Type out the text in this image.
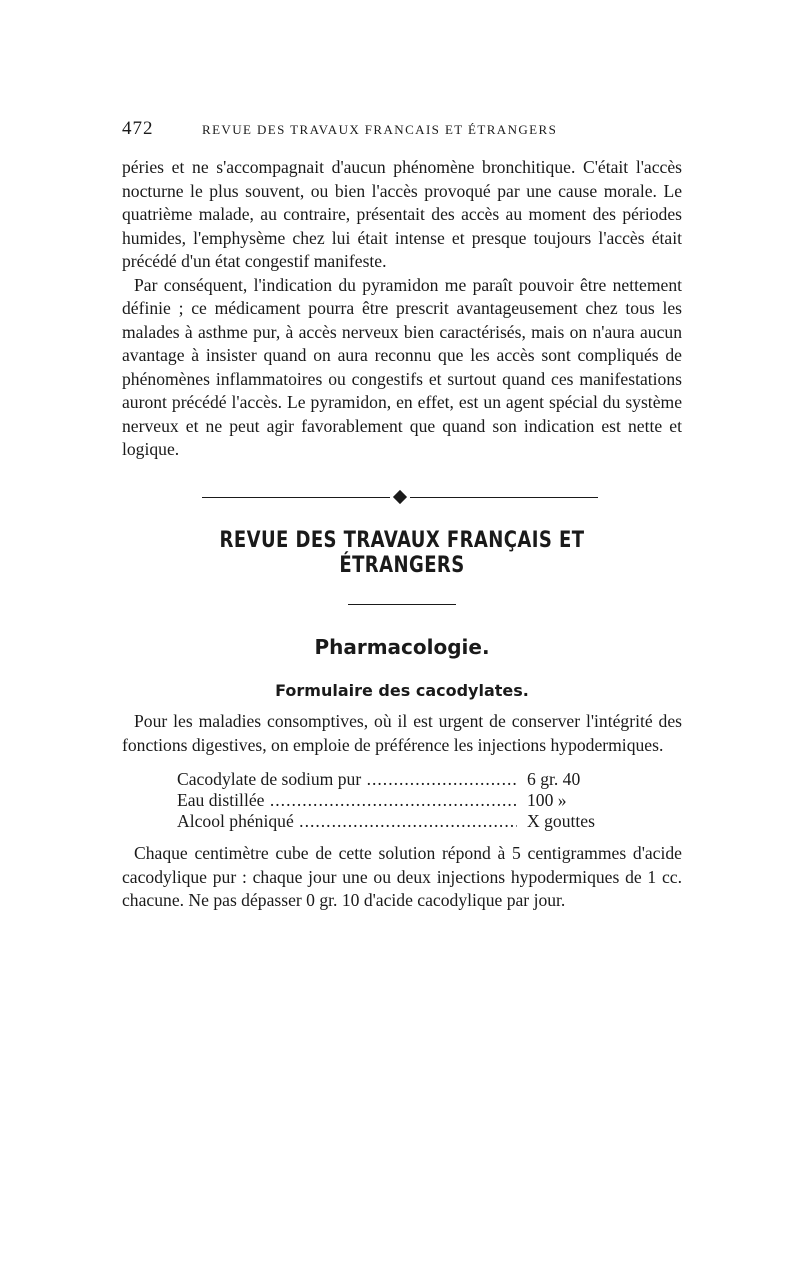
472	REVUE DES TRAVAUX FRANCAIS ET ÉTRANGERS

péries et ne s'accompagnait d'aucun phénomène bronchitique. C'était l'accès nocturne le plus souvent, ou bien l'accès provoqué par une cause morale. Le quatrième malade, au contraire, présentait des accès au moment des périodes humides, l'emphysème chez lui était intense et presque toujours l'accès était précédé d'un état congestif manifeste.

Par conséquent, l'indication du pyramidon me paraît pouvoir être nettement définie ; ce médicament pourra être prescrit avantageusement chez tous les malades à asthme pur, à accès nerveux bien caractérisés, mais on n'aura aucun avantage à insister quand on aura reconnu que les accès sont compliqués de phénomènes inflammatoires ou congestifs et surtout quand ces manifestations auront précédé l'accès. Le pyramidon, en effet, est un agent spécial du système nerveux et ne peut agir favorablement que quand son indication est nette et logique.

REVUE DES TRAVAUX FRANÇAIS ET ÉTRANGERS
Pharmacologie.
Formulaire des cacodylates.

Pour les maladies consomptives, où il est urgent de conserver l'intégrité des fonctions digestives, on emploie de préférence les injections hypodermiques.

Cacodylate de sodium pur .....	6 gr. 40
Eau distillée .....	100 »
Alcool phéniqué .....	X gouttes

Chaque centimètre cube de cette solution répond à 5 centigrammes d'acide cacodylique pur : chaque jour une ou deux injections hypodermiques de 1 cc. chacune. Ne pas dépasser 0 gr. 10 d'acide cacodylique par jour.
